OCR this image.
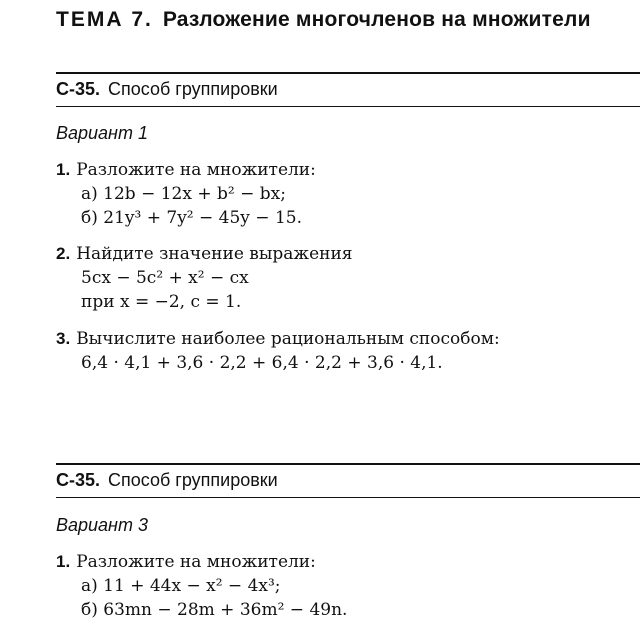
ТЕМА 7. Разложение многочленов на множители
С-35. Способ группировки
Вариант 1
1. Разложите на множители:
а) 12b − 12x + b² − bx;
б) 21y³ + 7y² − 45y − 15.
2. Найдите значение выражения
5cx − 5c² + x² − cx
при x = −2, c = 1.
3. Вычислите наиболее рациональным способом:
6,4 · 4,1 + 3,6 · 2,2 + 6,4 · 2,2 + 3,6 · 4,1.
С-35. Способ группировки
Вариант 3
1. Разложите на множители:
а) 11 + 44x − x² − 4x³;
б) 63mn − 28m + 36m² − 49n.
